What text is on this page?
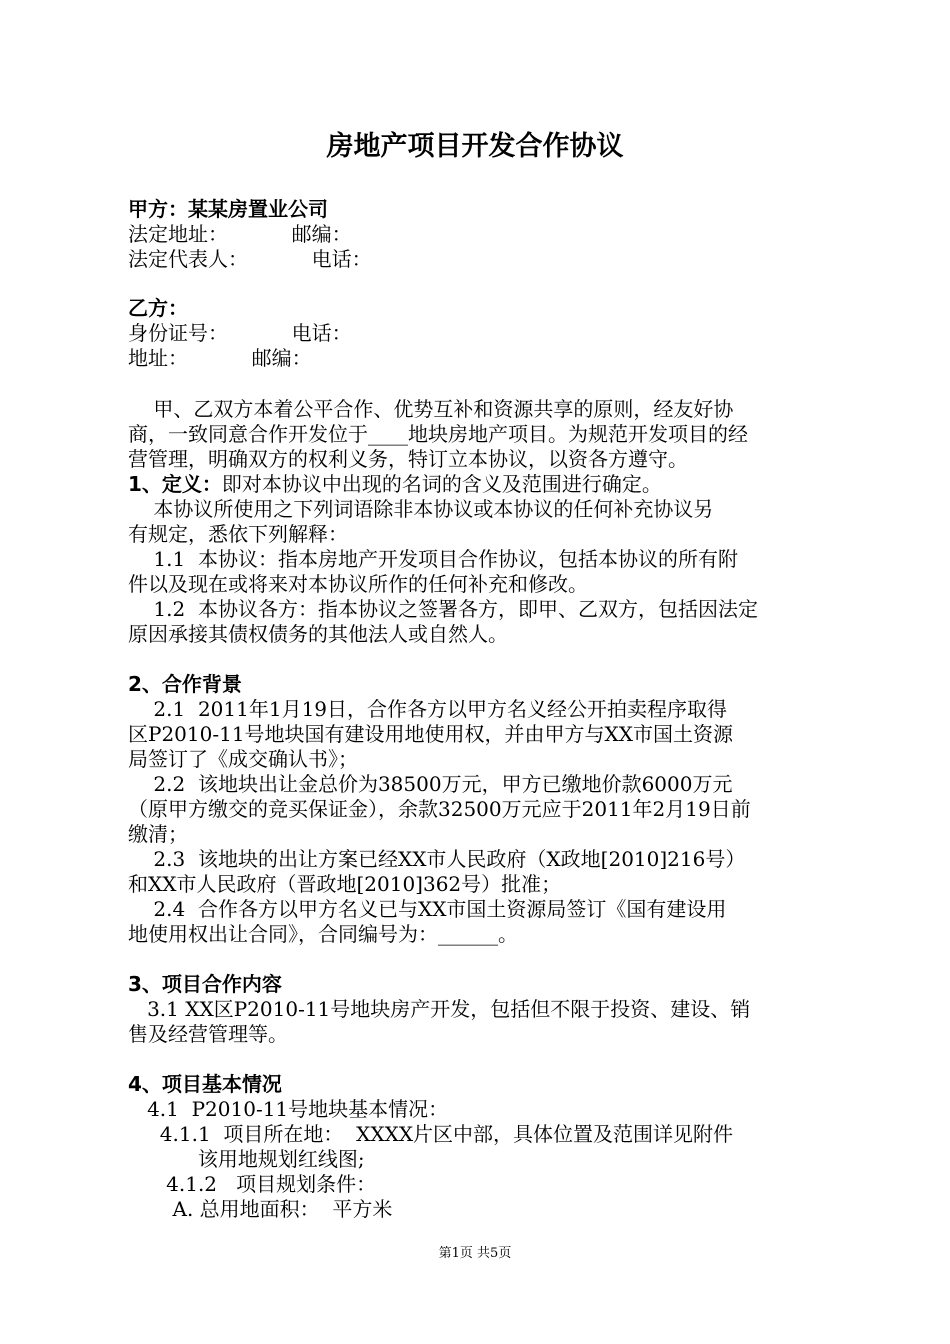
房地产项目开发合作协议
甲方：某某房置业公司
法定地址：          邮编：
法定代表人：          电话：
乙方：
身份证号：          电话：
地址：          邮编：
甲、乙双方本着公平合作、优势互补和资源共享的原则，经友好协
商，一致同意合作开发位于____地块房地产项目。为规范开发项目的经
营管理，明确双方的权利义务，特订立本协议，以资各方遵守。
1、定义：即对本协议中出现的名词的含义及范围进行确定。
本协议所使用之下列词语除非本协议或本协议的任何补充协议另
有规定，悉依下列解释：
1.1  本协议：指本房地产开发项目合作协议，包括本协议的所有附
件以及现在或将来对本协议所作的任何补充和修改。
1.2  本协议各方：指本协议之签署各方，即甲、乙双方，包括因法定
原因承接其债权债务的其他法人或自然人。
2、合作背景
2.1  2011年1月19日，合作各方以甲方名义经公开拍卖程序取得
区P2010-11号地块国有建设用地使用权，并由甲方与XX市国土资源
局签订了《成交确认书》；
2.2  该地块出让金总价为38500万元，甲方已缴地价款6000万元
（原甲方缴交的竞买保证金），余款32500万元应于2011年2月19日前
缴清；
2.3  该地块的出让方案已经XX市人民政府（X政地[2010]216号）
和XX市人民政府（晋政地[2010]362号）批准；
2.4  合作各方以甲方名义已与XX市国土资源局签订《国有建设用
地使用权出让合同》，合同编号为：______。
3、项目合作内容
3.1 XX区P2010-11号地块房产开发，包括但不限于投资、建设、销
售及经营管理等。
4、项目基本情况
4.1  P2010-11号地块基本情况：
4.1.1  项目所在地：  XXXX片区中部，具体位置及范围详见附件
该用地规划红线图;
4.1.2   项目规划条件：
A. 总用地面积：  平方米
第1页 共5页
